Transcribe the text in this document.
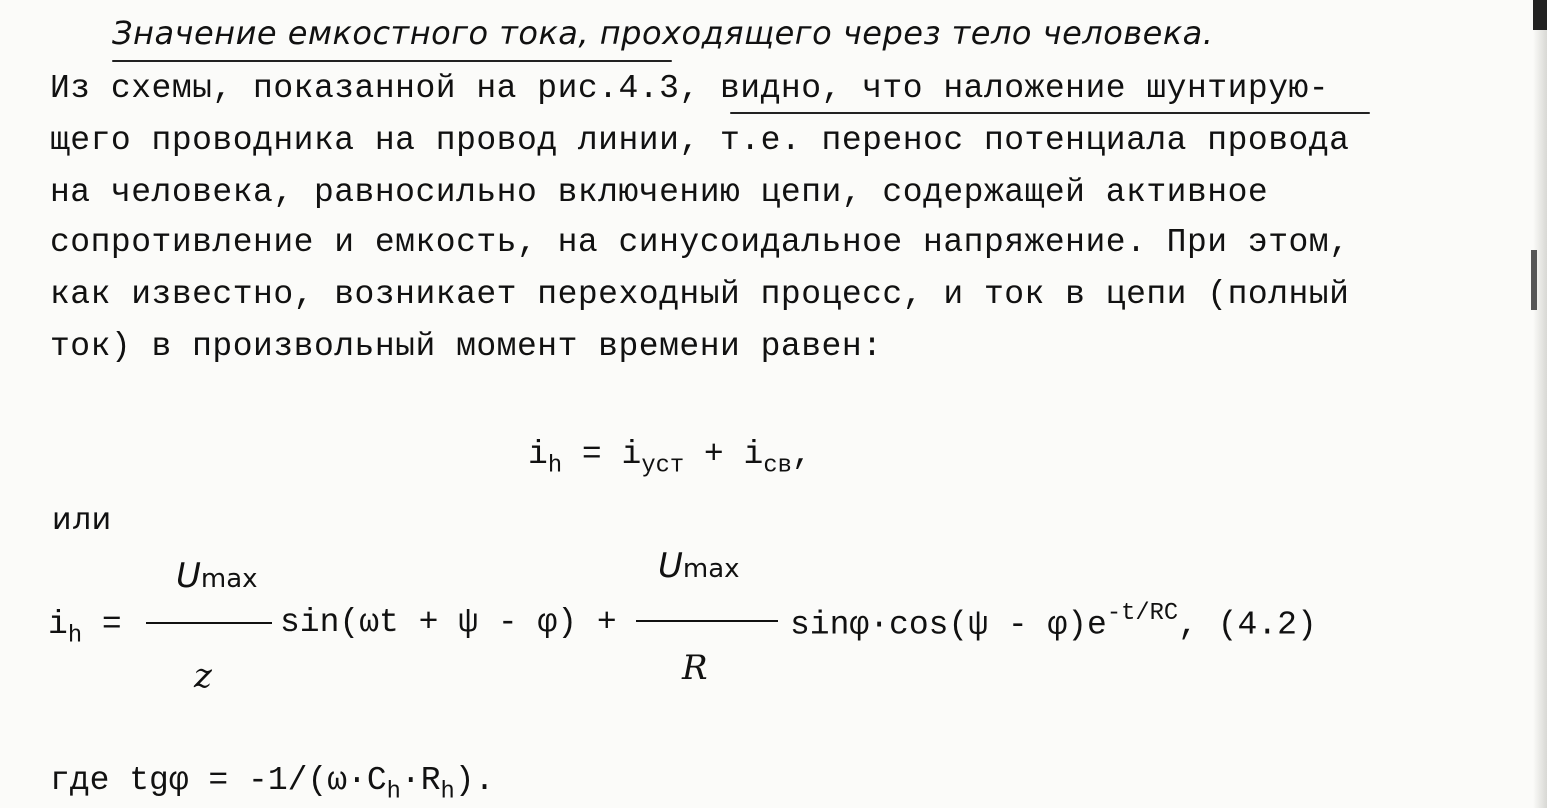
Значение емкостного тока, проходящего через тело человека.
Из схемы, показанной на рис.4.3, видно, что наложение шунтирую-
щего проводника на провод линии, т.е. перенос потенциала провода
на человека, равносильно включению цепи, содержащей активное
сопротивление и емкость, на синусоидальное напряжение. При этом,
как известно, возникает переходный процесс, и ток в цепи (полный
ток) в произвольный момент времени равен:
$i_h = i_{уст} + i_{св}$,
или
$i_h$ =
Umax
z
sin(ωt + ψ - φ) +
Umax
R
$\sin\varphi\cdot\cos(\psi - \varphi)e^{-t/RC}$, (4.2)
где $tg\varphi = -1/(\omega\cdot C_h\cdot R_h)$.
